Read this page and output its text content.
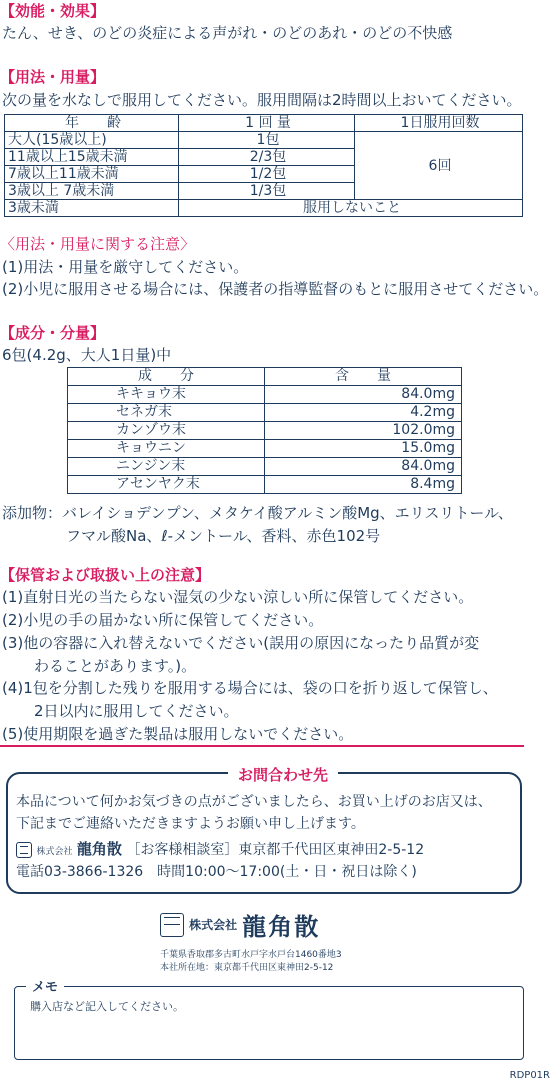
【効能・効果】
たん、せき、のどの炎症による声がれ・のどのあれ・のどの不快感
【用法・用量】
次の量を水なしで服用してください。服用間隔は2時間以上おいてください。
年　　齢	1 回 量	1日服用回数
大人(15歳以上)	1包	6回
11歳以上15歳未満	2/3包	
7歳以上11歳未満	1/2包	
3歳以上 7歳未満	1/3包	
3歳未満	服用しないこと	
〈用法・用量に関する注意〉
(1)用法・用量を厳守してください。
(2)小児に服用させる場合には、保護者の指導監督のもとに服用させてください。
【成分・分量】
6包(4.2g、大人1日量)中
成　　分	含　　量
キキョウ末	84.0mg
セネガ末	4.2mg
カンゾウ末	102.0mg
キョウニン	15.0mg
ニンジン末	84.0mg
アセンヤク末	8.4mg
添加物：バレイショデンプン、メタケイ酸アルミン酸Mg、エリスリトール、
フマル酸Na、ℓ-メントール、香料、赤色102号
【保管および取扱い上の注意】
(1)直射日光の当たらない湿気の少ない涼しい所に保管してください。
(2)小児の手の届かない所に保管してください。
(3)他の容器に入れ替えないでください(誤用の原因になったり品質が変
わることがあります。)。
(4)1包を分割した残りを服用する場合には、袋の口を折り返して保管し、
2日以内に服用してください。
(5)使用期限を過ぎた製品は服用しないでください。
お問合わせ先
本品について何かお気づきの点がございましたら、お買い上げのお店又は、
下記までご連絡いただきますようお願い申し上げます。
株式会社 龍角散 ［お客様相談室］東京都千代田区東神田2-5-12
電話03-3866-1326　時間10:00～17:00(土・日・祝日は除く)
株式会社 龍角散
千葉県香取郡多古町水戸字水戸台1460番地3
本社所在地：東京都千代田区東神田2-5-12
メモ
購入店など記入してください。
RDP01R
